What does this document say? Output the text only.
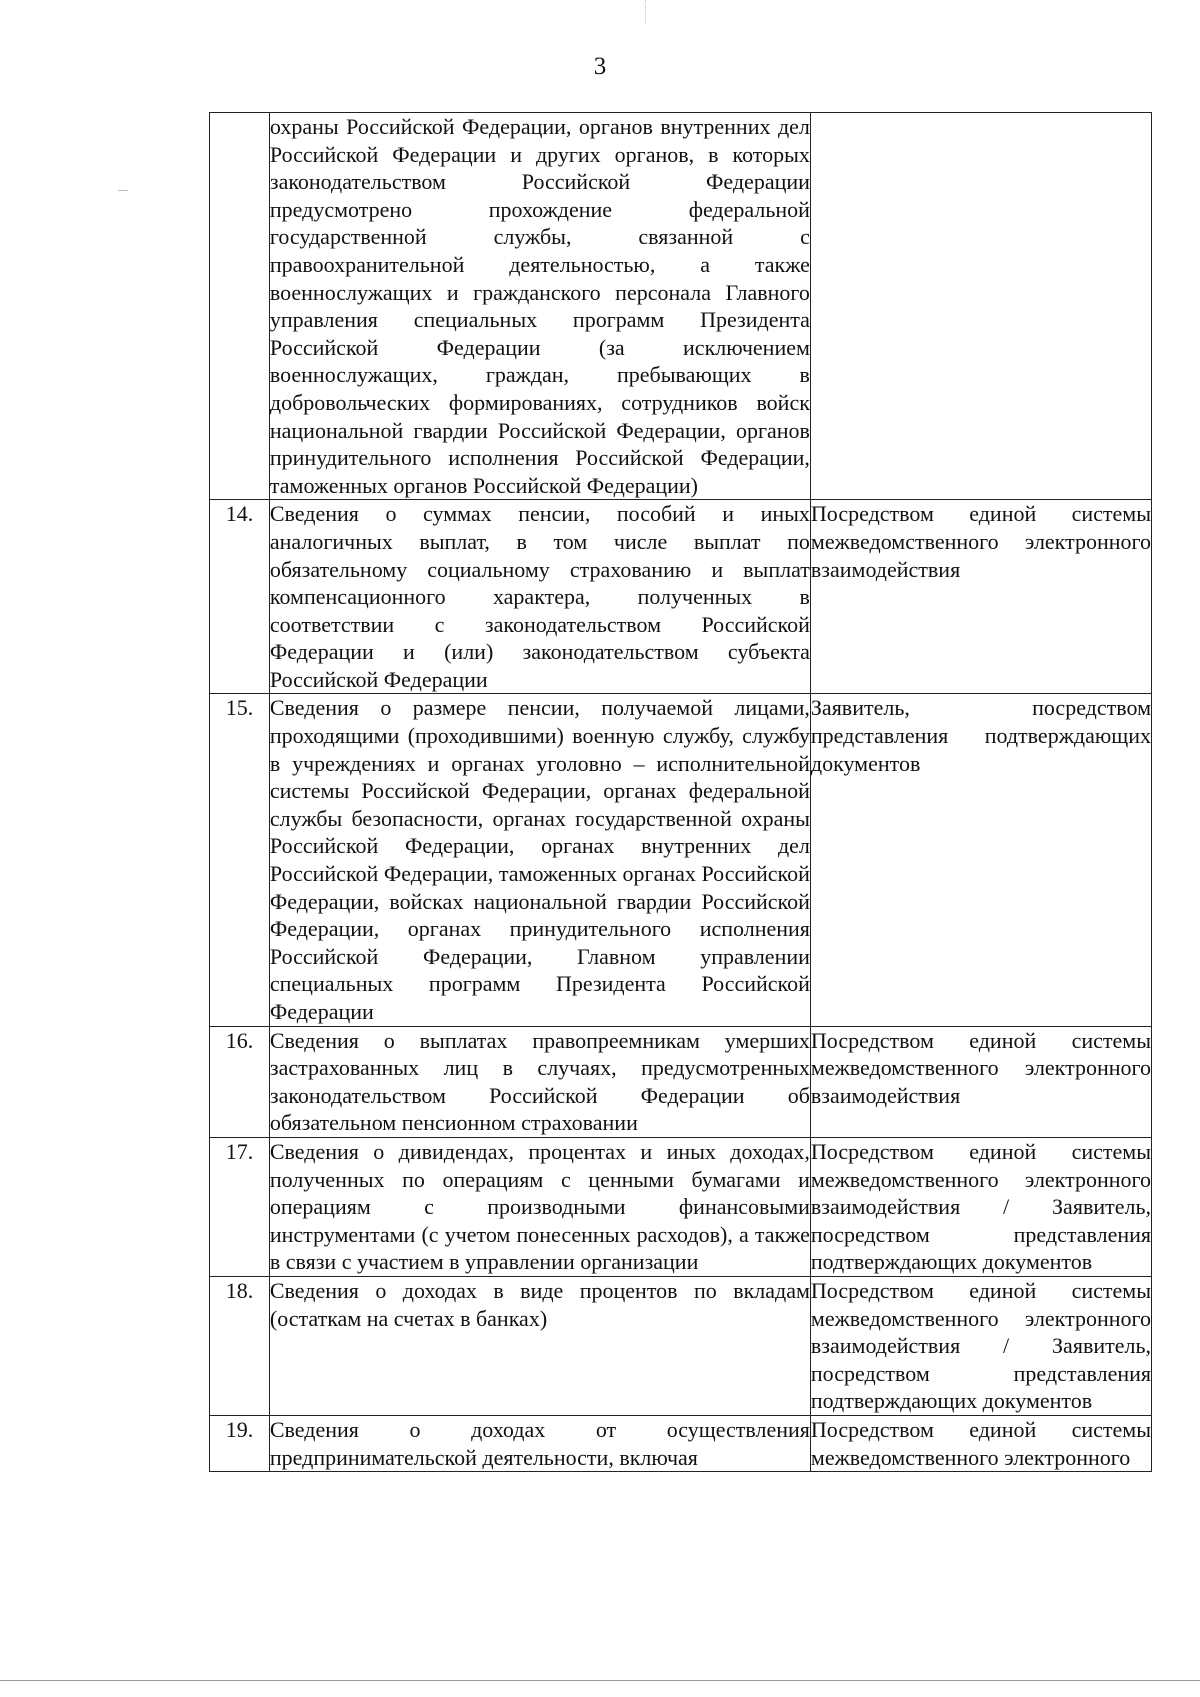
3
	охраны Российской Федерации, органов внутренних дел Российской Федерации и других органов, в которых законодательством Российской Федерации предусмотрено прохождение федеральной государственной службы, связанной с правоохранительной деятельностью, а также военнослужащих и гражданского персонала Главного управления специальных программ Президента Российской Федерации (за исключением военнослужащих, граждан, пребывающих в добровольческих формированиях, сотрудников войск национальной гвардии Российской Федерации, органов принудительного исполнения Российской Федерации, таможенных органов Российской Федерации)	
14.	Сведения о суммах пенсии, пособий и иных аналогичных выплат, в том числе выплат по обязательному социальному страхованию и выплат компенсационного характера, полученных в соответствии с законодательством Российской Федерации и (или) законодательством субъекта Российской Федерации	Посредством единой системы межведомственного электронного взаимодействия
15.	Сведения о размере пенсии, получаемой лицами, проходящими (проходившими) военную службу, службу в учреждениях и органах уголовно – исполнительной системы Российской Федерации, органах федеральной службы безопасности, органах государственной охраны Российской Федерации, органах внутренних дел Российской Федерации, таможенных органах Российской Федерации, войсках национальной гвардии Российской Федерации, органах принудительного исполнения Российской Федерации, Главном управлении специальных программ Президента Российской Федерации	Заявитель, посредством представления подтверждающих документов
16.	Сведения о выплатах правопреемникам умерших застрахованных лиц в случаях, предусмотренных законодательством Российской Федерации об обязательном пенсионном страховании	Посредством единой системы межведомственного электронного взаимодействия
17.	Сведения о дивидендах, процентах и иных доходах, полученных по операциям с ценными бумагами и операциям с производными финансовыми инструментами (с учетом понесенных расходов), а также в связи с участием в управлении организации	Посредством единой системы межведомственного электронного взаимодействия / Заявитель, посредством представления подтверждающих документов
18.	Сведения о доходах в виде процентов по вкладам (остаткам на счетах в банках)	Посредством единой системы межведомственного электронного взаимодействия / Заявитель, посредством представления подтверждающих документов
19.	Сведения о доходах от осуществления предпринимательской деятельности, включая	Посредством единой системы межведомственного электронного
